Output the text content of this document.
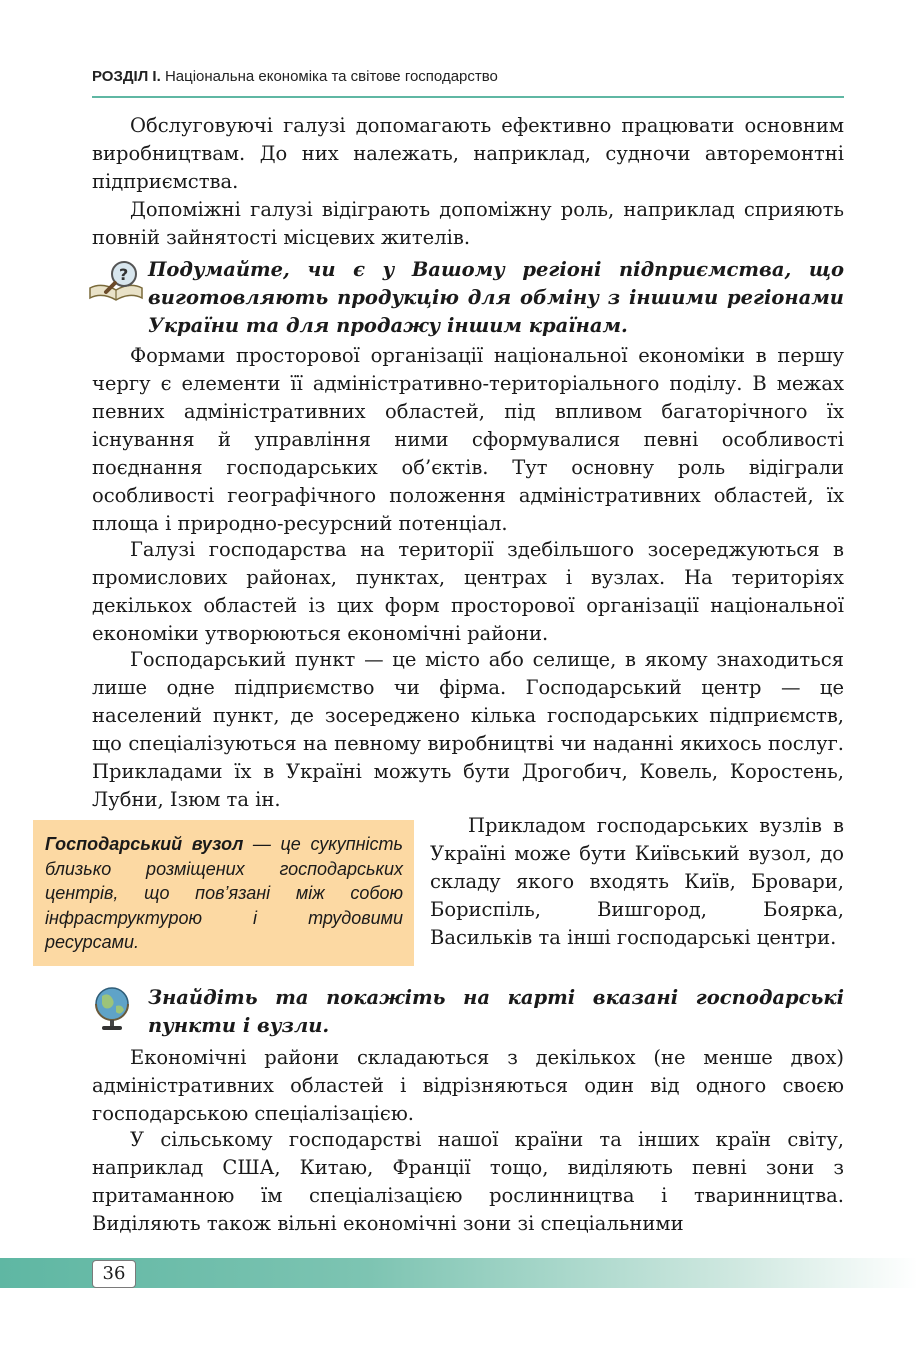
РОЗДІЛ І. Національна економіка та світове господарство

Обслуговуючі галузі допомагають ефективно працювати основним виробництвам. До них належать, наприклад, судночи авторемонтні підприємства.

Допоміжні галузі відіграють допоміжну роль, наприклад сприяють повній зайнятості місцевих жителів.

? Подумайте, чи є у Вашому регіоні підприємства, що виготовляють продукцію для обміну з іншими регіонами України та для продажу іншим країнам.

Формами просторової організації національної економіки в першу чергу є елементи її адміністративно-територіального поділу. В межах певних адміністративних областей, під впливом багаторічного їх існування й управління ними сформувалися певні особливості поєднання господарських об’єктів. Тут основну роль відіграли особливості географічного положення адміністративних областей, їх площа і природно-ресурсний потенціал.

Галузі господарства на території здебільшого зосереджуються в промислових районах, пунктах, центрах і вузлах. На територіях декількох областей із цих форм просторової організації національної економіки утворюються економічні райони.

Господарський пункт — це місто або селище, в якому знаходиться лише одне підприємство чи фірма. Господарський центр — це населений пункт, де зосереджено кілька господарських підприємств, що спеціалізуються на певному виробництві чи наданні якихось послуг. Прикладами їх в Україні можуть бути Дрогобич, Ковель, Коростень, Лубни, Ізюм та ін.

Господарський вузол — це сукупність близько розміщених господарських центрів, що пов’язані між собою інфраструктурою і трудовими ресурсами.

Прикладом господарських вузлів в Україні може бути Київський вузол, до складу якого входять Київ, Бровари, Бориспіль, Вишгород, Боярка, Васильків та інші господарські центри.

Знайдіть та покажіть на карті вказані господарські пункти і вузли.

Економічні райони складаються з декількох (не менше двох) адміністративних областей і відрізняються один від одного своєю господарською спеціалізацією.

У сільському господарстві нашої країни та інших країн світу, наприклад США, Китаю, Франції тощо, виділяють певні зони з притаманною їм спеціалізацією рослинництва і тваринництва. Виділяють також вільні економічні зони зі спеціальними

36
